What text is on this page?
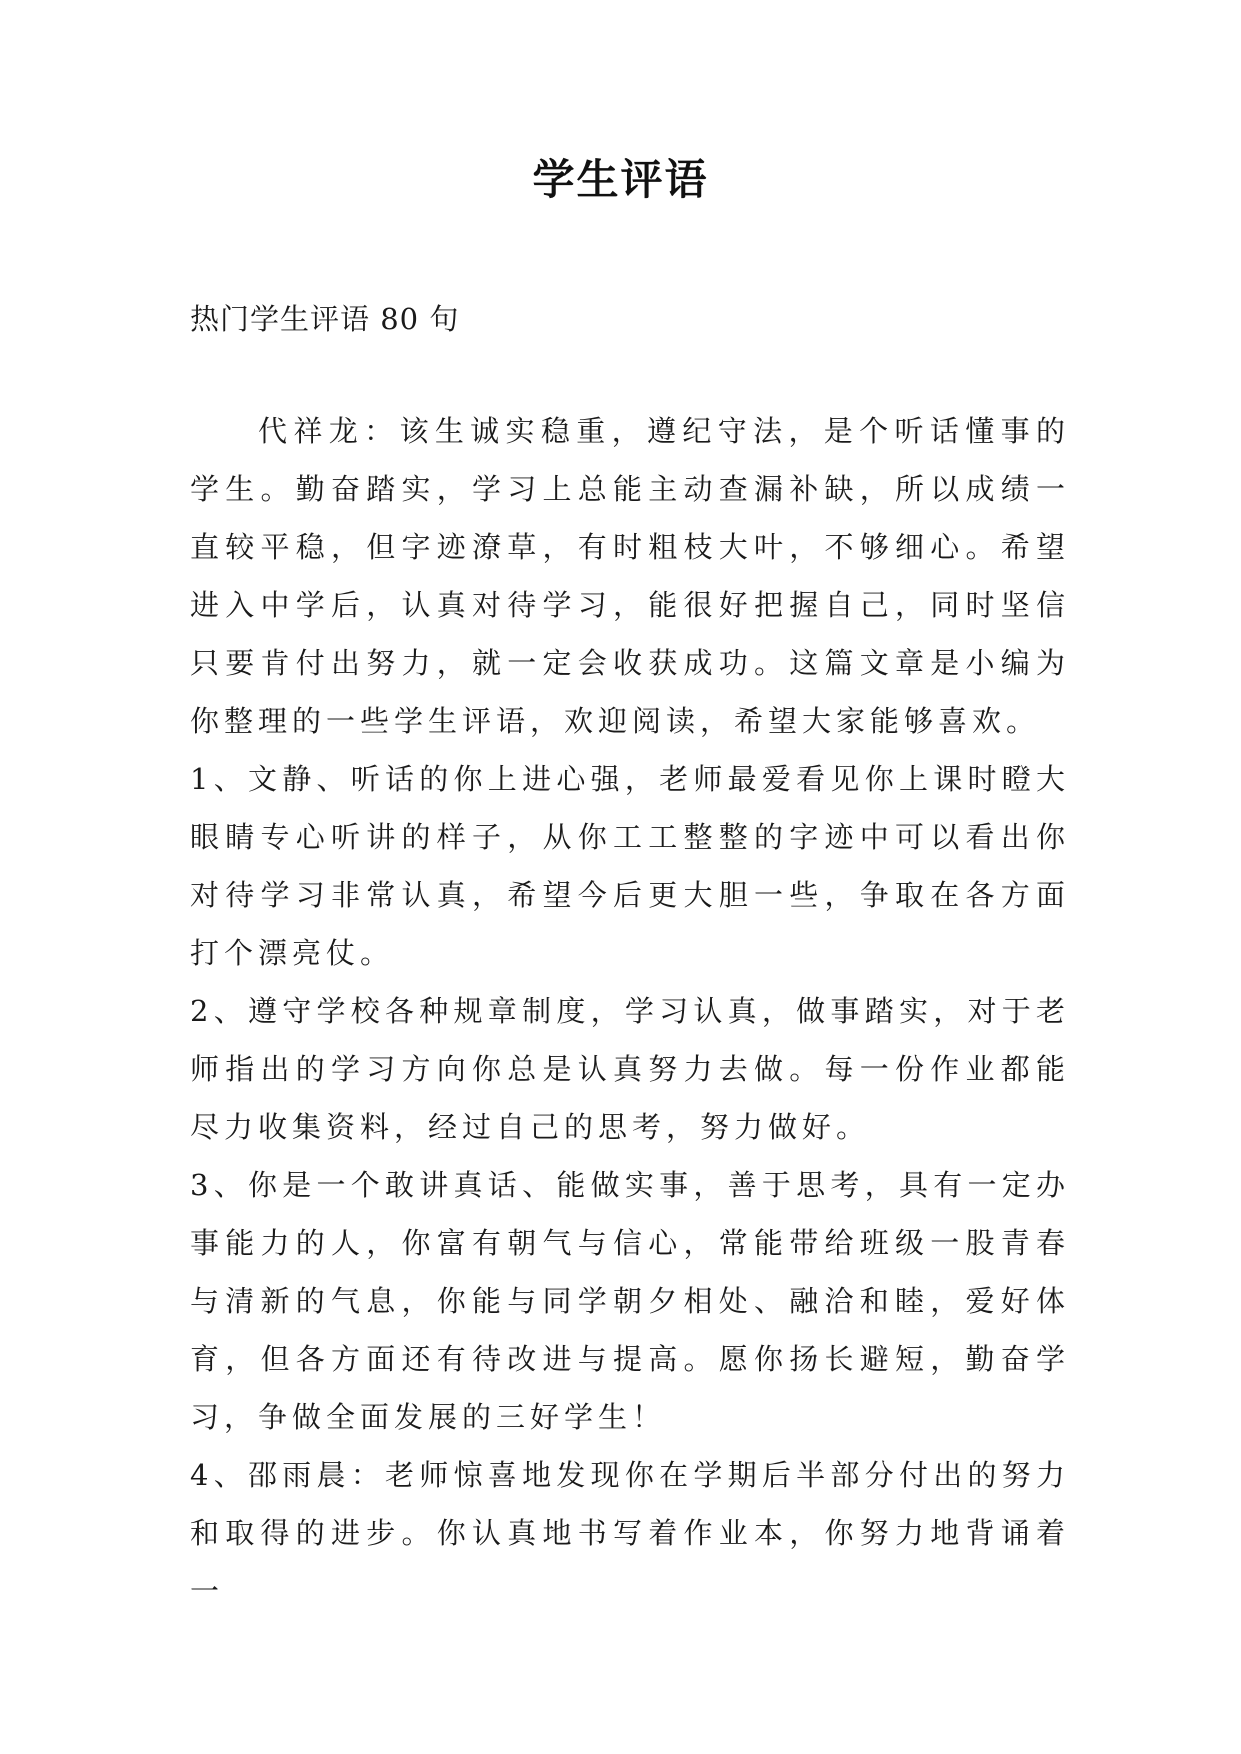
学生评语
热门学生评语 80 句

代祥龙：该生诚实稳重，遵纪守法，是个听话懂事的学生。勤奋踏实，学习上总能主动查漏补缺，所以成绩一直较平稳，但字迹潦草，有时粗枝大叶，不够细心。希望进入中学后，认真对待学习，能很好把握自己，同时坚信只要肯付出努力，就一定会收获成功。这篇文章是小编为你整理的一些学生评语，欢迎阅读，希望大家能够喜欢。

1、文静、听话的你上进心强，老师最爱看见你上课时瞪大眼睛专心听讲的样子，从你工工整整的字迹中可以看出你对待学习非常认真，希望今后更大胆一些，争取在各方面打个漂亮仗。

2、遵守学校各种规章制度，学习认真，做事踏实，对于老师指出的学习方向你总是认真努力去做。每一份作业都能尽力收集资料，经过自己的思考，努力做好。

3、你是一个敢讲真话、能做实事，善于思考，具有一定办事能力的人，你富有朝气与信心，常能带给班级一股青春与清新的气息，你能与同学朝夕相处、融洽和睦，爱好体育，但各方面还有待改进与提高。愿你扬长避短，勤奋学习，争做全面发展的三好学生！

4、邵雨晨：老师惊喜地发现你在学期后半部分付出的努力和取得的进步。你认真地书写着作业本，你努力地背诵着一
